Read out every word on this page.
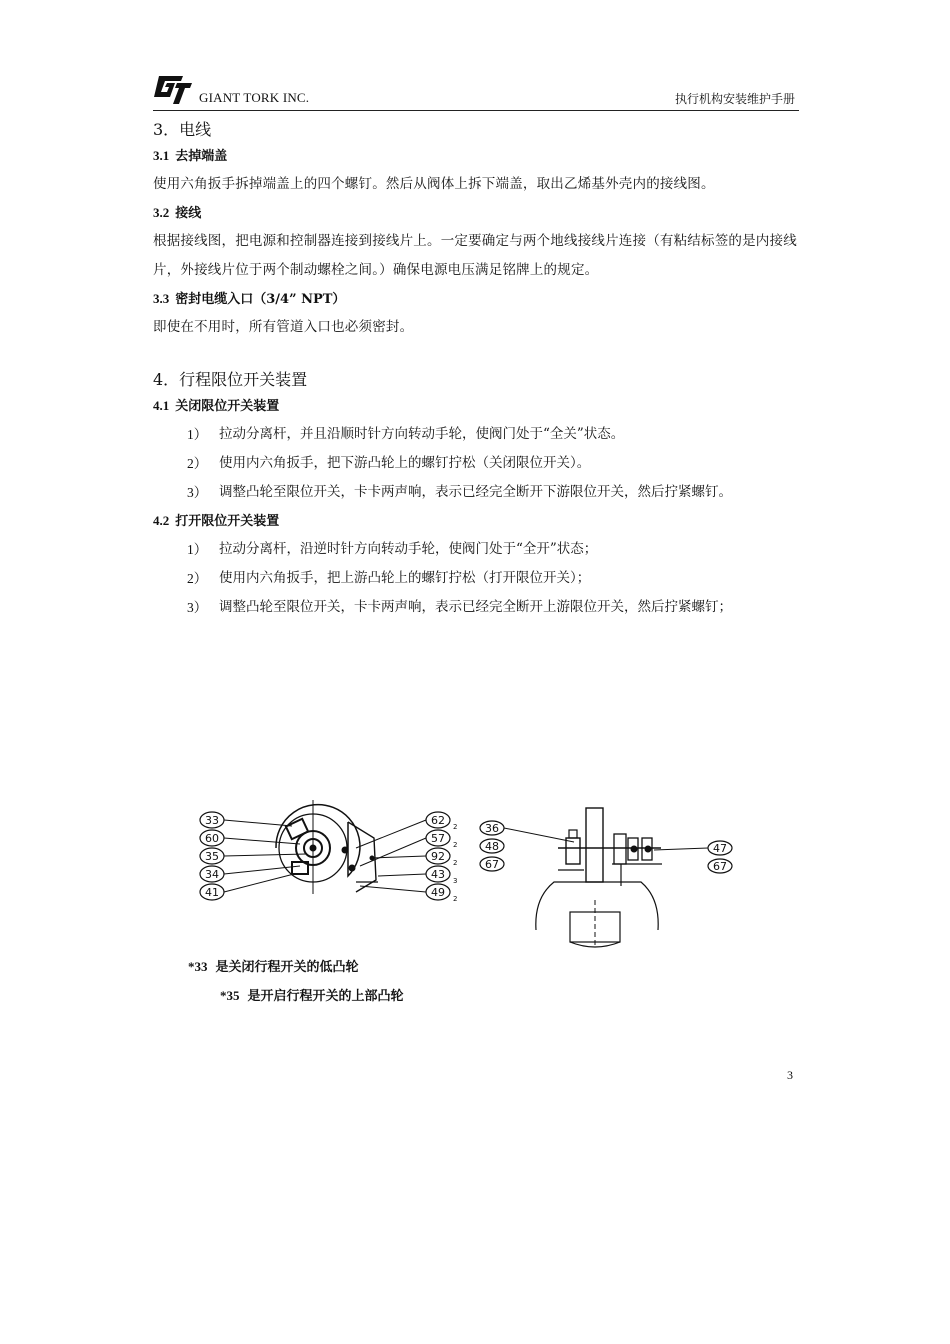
GIANT TORK INC.	执行机构安装维护手册
3．电线
3.1 去掉端盖
使用六角扳手拆掉端盖上的四个螺钉。然后从阀体上拆下端盖，取出乙烯基外壳内的接线图。
3.2 接线
根据接线图，把电源和控制器连接到接线片上。一定要确定与两个地线接线片连接（有粘结标签的是内接线片，外接线片位于两个制动螺栓之间。）确保电源电压满足铭牌上的规定。
3.3 密封电缆入口（3/4” NPT）
即使在不用时，所有管道入口也必须密封。
4．行程限位开关装置
4.1 关闭限位开关装置
1） 拉动分离杆，并且沿顺时针方向转动手轮，使阀门处于“全关”状态。
2） 使用内六角扳手，把下游凸轮上的螺钉拧松（关闭限位开关）。
3） 调整凸轮至限位开关，卡卡两声响，表示已经完全断开下游限位开关，然后拧紧螺钉。
4.2 打开限位开关装置
1） 拉动分离杆，沿逆时针方向转动手轮，使阀门处于“全开”状态；
2） 使用内六角扳手，把上游凸轮上的螺钉拧松（打开限位开关）；
3） 调整凸轮至限位开关，卡卡两声响，表示已经完全断开上游限位开关，然后拧紧螺钉；
33
60
35
34
41
62
57
92
43
49
2
2
2
3
2
36
48
67
47
67
*33 是关闭行程开关的低凸轮
*35 是开启行程开关的上部凸轮
3
